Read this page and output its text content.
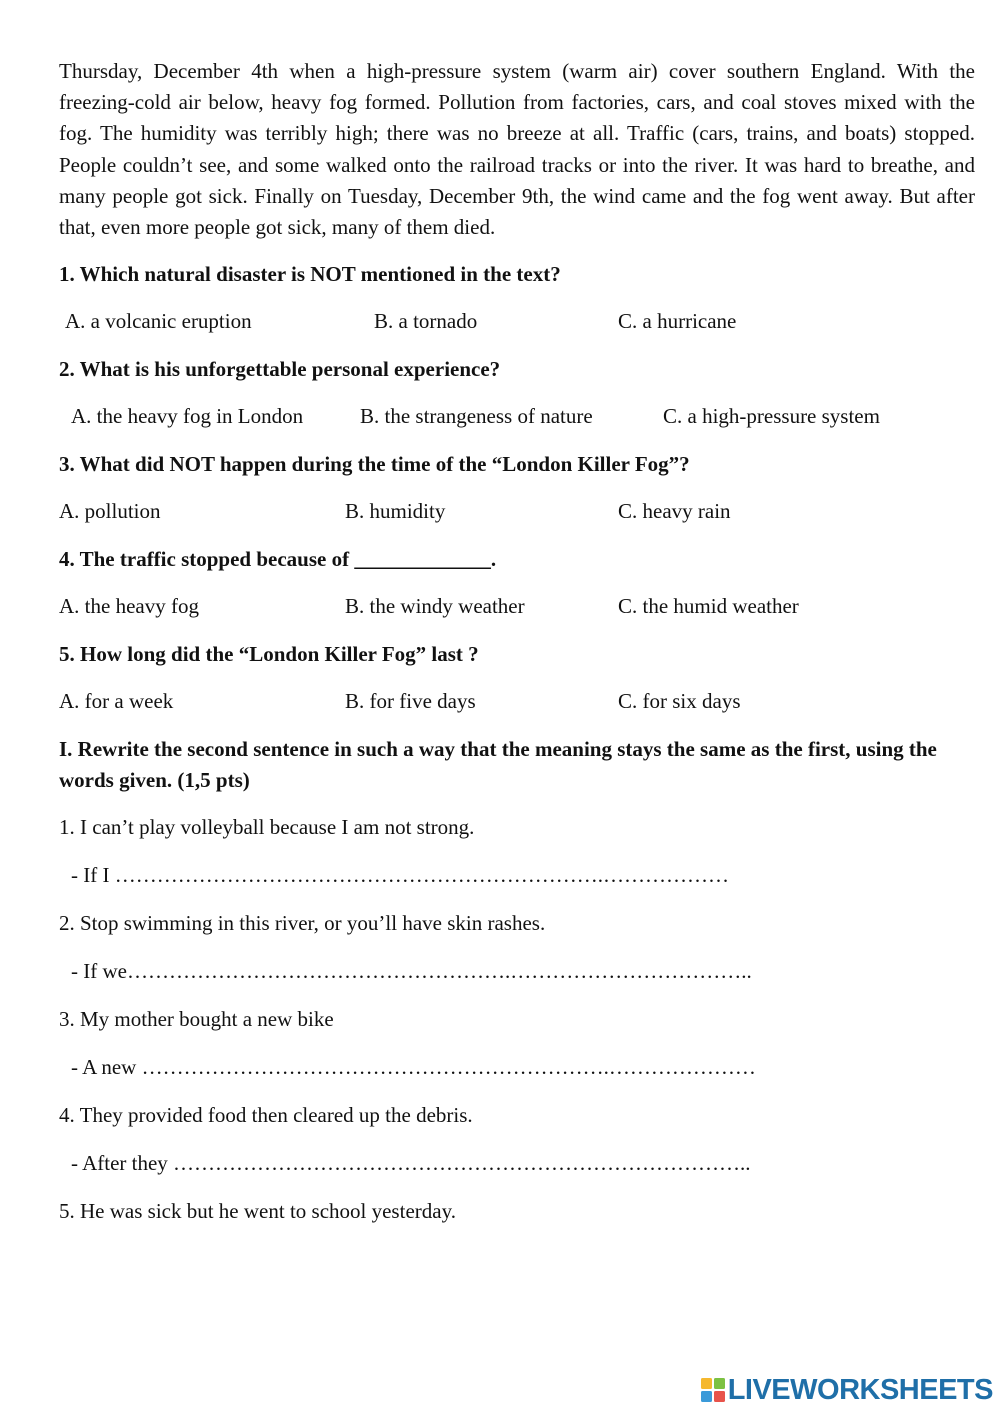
Thursday, December 4th when a high-pressure system (warm air) cover southern England. With the freezing-cold air below, heavy fog formed. Pollution from factories, cars, and coal stoves mixed with the fog. The humidity was terribly high; there was no breeze at all. Traffic (cars, trains, and boats) stopped. People couldn’t see, and some walked onto the railroad tracks or into the river. It was hard to breathe, and many people got sick. Finally on Tuesday, December 9th, the wind came and the fog went away. But after that, even more people got sick, many of them died.

1. Which natural disaster is NOT mentioned in the text?
A. a volcanic eruption	B. a tornado	C. a hurricane
2. What is his unforgettable personal experience?
A. the heavy fog in London	B. the strangeness of nature	C. a high-pressure system
3. What did NOT happen during the time of the “London Killer Fog”?
A. pollution	B. humidity	C. heavy rain
4. The traffic stopped because of _____________.
A. the heavy fog	B. the windy weather	C. the humid weather
5. How long did the “London Killer Fog” last ?
A. for a week	B. for five days	C. for six days
I. Rewrite the second sentence in such a way that the meaning stays the same as the first, using the words given. (1,5 pts)
1. I can’t play volleyball because I am not strong.
- If I …………………………………………………………….………………
2. Stop swimming in this river, or you’ll have skin rashes.
- If we……………………………………………….……………………………..
3. My mother bought a new bike
- A new ………………………………………………………….…………………
4. They provided food then cleared up the debris.
- After they ………………………………………………………………………..
5. He was sick but he went to school yesterday.
LIVEWORKSHEETS
